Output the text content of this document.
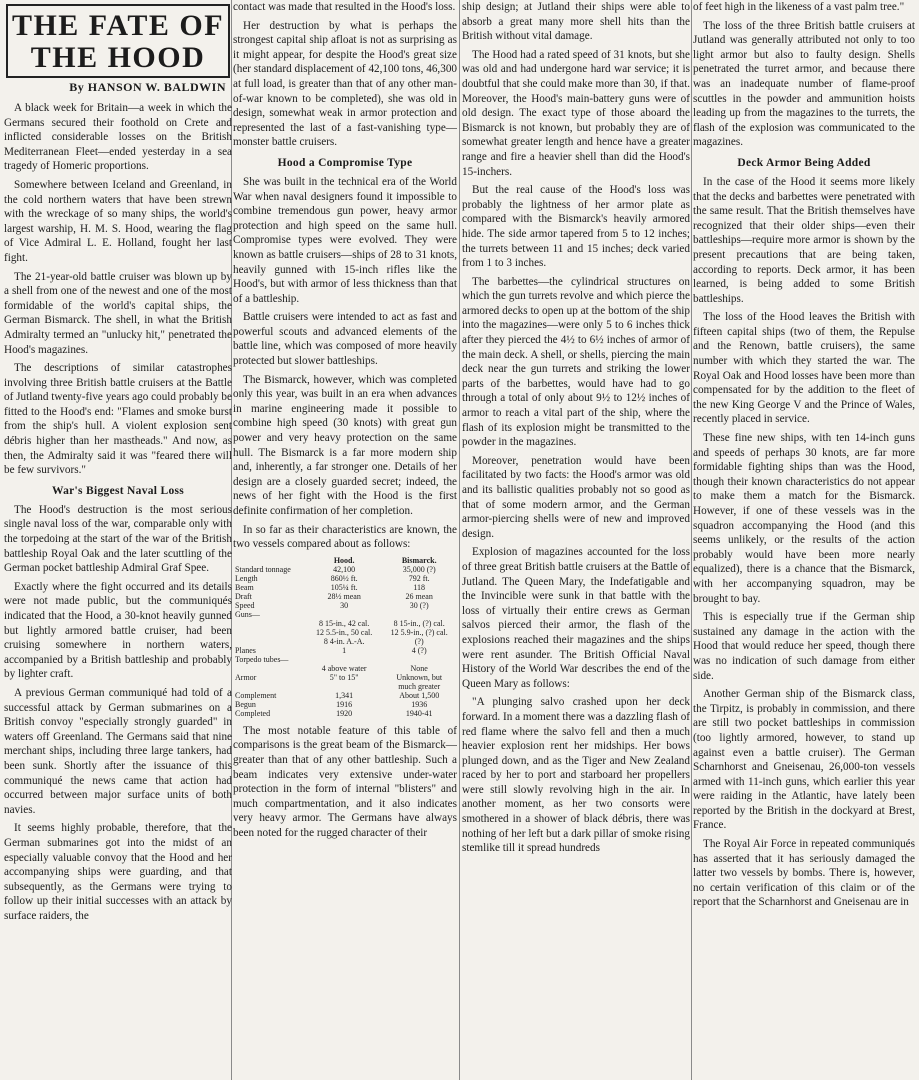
THE FATE OF THE HOOD
By HANSON W. BALDWIN

A black week for Britain—a week in which the Germans secured their foothold on Crete and inflicted considerable losses on the British Mediterranean Fleet—ended yesterday in a sea tragedy of Homeric proportions.

Somewhere between Iceland and Greenland, in the cold northern waters that have been strewn with the wreckage of so many ships, the world's largest warship, H. M. S. Hood, wearing the flag of Vice Admiral L. E. Holland, fought her last fight.

The 21-year-old battle cruiser was blown up by a shell from one of the newest and one of the most formidable of the world's capital ships, the German Bismarck. The shell, in what the British Admiralty termed an "unlucky hit," penetrated the Hood's magazines.

The descriptions of similar catastrophes involving three British battle cruisers at the Battle of Jutland twenty-five years ago could probably be fitted to the Hood's end: "Flames and smoke burst from the ship's hull. A violent explosion sent débris higher than her mastheads." And now, as then, the Admiralty said it was "feared there will be few survivors."

War's Biggest Naval Loss

The Hood's destruction is the most serious single naval loss of the war, comparable only with the torpedoing at the start of the war of the British battleship Royal Oak and the later scuttling of the German pocket battleship Admiral Graf Spee.

Exactly where the fight occurred and its details were not made public, but the communiqués indicated that the Hood, a 30-knot heavily gunned but lightly armored battle cruiser, had been cruising somewhere in northern waters, accompanied by a British battleship and probably by lighter craft.

A previous German communiqué had told of a successful attack by German submarines on a British convoy "especially strongly guarded" in waters off Greenland. The Germans said that nine merchant ships, including three large tankers, had been sunk. Shortly after the issuance of this communiqué the news came that action had occurred between major surface units of both navies.

It seems highly probable, therefore, that the German submarines got into the midst of an especially valuable convoy that the Hood and her accompanying ships were guarding, and that subsequently, as the Germans were trying to follow up their initial successes with an attack by surface raiders, the

contact was made that resulted in the Hood's loss.

Her destruction by what is perhaps the strongest capital ship afloat is not as surprising as it might appear, for despite the Hood's great size (her standard displacement of 42,100 tons, 46,300 at full load, is greater than that of any other man-of-war known to be completed), she was old in design, somewhat weak in armor protection and represented the last of a fast-vanishing type—monster battle cruisers.

Hood a Compromise Type

She was built in the technical era of the World War when naval designers found it impossible to combine tremendous gun power, heavy armor protection and high speed on the same hull. Compromise types were evolved. They were known as battle cruisers—ships of 28 to 31 knots, heavily gunned with 15-inch rifles like the Hood's, but with armor of less thickness than that of a battleship.

Battle cruisers were intended to act as fast and powerful scouts and advanced elements of the battle line, which was composed of more heavily protected but slower battleships.

The Bismarck, however, which was completed only this year, was built in an era when advances in marine engineering made it possible to combine high speed (30 knots) with great gun power and very heavy protection on the same hull. The Bismarck is a far more modern ship and, inherently, a far stronger one. Details of her design are a closely guarded secret; indeed, the news of her fight with the Hood is the first definite confirmation of her completion.

In so far as their characteristics are known, the two vessels compared about as follows:

	Hood.	Bismarck.
Standard tonnage	42,100	35,000 (?)
Length	860½ ft.	792 ft.
Beam	105¼ ft.	118
Draft	28½ mean	26 mean
Speed	30	30 (?)
Guns—		
	8 15-in., 42 cal.	8 15-in., (?) cal.
	12 5.5-in., 50 cal.	12 5.9-in., (?) cal.
	8 4-in. A.-A.	(?)
Planes	1	4 (?)
Torpedo tubes—		
	4 above water	None
Armor	5" to 15"	Unknown, but
		much greater
Complement	1,341	About 1,500
Begun	1916	1936
Completed	1920	1940-41

The most notable feature of this table of comparisons is the great beam of the Bismarck—greater than that of any other battleship. Such a beam indicates very extensive under-water protection in the form of internal "blisters" and much compartmentation, and it also indicates very heavy armor. The Germans have always been noted for the rugged character of their

ship design; at Jutland their ships were able to absorb a great many more shell hits than the British without vital damage.

The Hood had a rated speed of 31 knots, but she was old and had undergone hard war service; it is doubtful that she could make more than 30, if that. Moreover, the Hood's main-battery guns were of old design. The exact type of those aboard the Bismarck is not known, but probably they are of somewhat greater length and hence have a greater range and fire a heavier shell than did the Hood's 15-inchers.

But the real cause of the Hood's loss was probably the lightness of her armor plate as compared with the Bismarck's heavily armored hide. The side armor tapered from 5 to 12 inches; the turrets between 11 and 15 inches; deck varied from 1 to 3 inches.

The barbettes—the cylindrical structures on which the gun turrets revolve and which pierce the armored decks to open up at the bottom of the ship into the magazines—were only 5 to 6 inches thick after they pierced the 4½ to 6½ inches of armor of the main deck. A shell, or shells, piercing the main deck near the gun turrets and striking the lower parts of the barbettes, would have had to go through a total of only about 9½ to 12½ inches of armor to reach a vital part of the ship, where the flash of its explosion might be transmitted to the powder in the magazines.

Moreover, penetration would have been facilitated by two facts: the Hood's armor was old and its ballistic qualities probably not so good as that of some modern armor, and the German armor-piercing shells were of new and improved design.

Explosion of magazines accounted for the loss of three great British battle cruisers at the Battle of Jutland. The Queen Mary, the Indefatigable and the Invincible were sunk in that battle with the loss of virtually their entire crews as German salvos pierced their armor, the flash of the explosions reached their magazines and the ships were rent asunder. The British Official Naval History of the World War describes the end of the Queen Mary as follows:

"A plunging salvo crashed upon her deck forward. In a moment there was a dazzling flash of red flame where the salvo fell and then a much heavier explosion rent her midships. Her bows plunged down, and as the Tiger and New Zealand raced by her to port and starboard her propellers were still slowly revolving high in the air. In another moment, as her two consorts were smothered in a shower of black débris, there was nothing of her left but a dark pillar of smoke rising stemlike till it spread hundreds

of feet high in the likeness of a vast palm tree."

The loss of the three British battle cruisers at Jutland was generally attributed not only to too light armor but also to faulty design. Shells penetrated the turret armor, and because there was an inadequate number of flame-proof scuttles in the powder and ammunition hoists leading up from the magazines to the turrets, the flash of the explosion was communicated to the magazines.

Deck Armor Being Added

In the case of the Hood it seems more likely that the decks and barbettes were penetrated with the same result. That the British themselves have recognized that their older ships—even their battleships—require more armor is shown by the present precautions that are being taken, according to reports. Deck armor, it has been learned, is being added to some British battleships.

The loss of the Hood leaves the British with fifteen capital ships (two of them, the Repulse and the Renown, battle cruisers), the same number with which they started the war. The Royal Oak and Hood losses have been more than compensated for by the addition to the fleet of the new King George V and the Prince of Wales, recently placed in service.

These fine new ships, with ten 14-inch guns and speeds of perhaps 30 knots, are far more formidable fighting ships than was the Hood, though their known characteristics do not appear to make them a match for the Bismarck. However, if one of these vessels was in the squadron accompanying the Hood (and this seems unlikely, or the results of the action probably would have been more nearly equalized), there is a chance that the Bismarck, with her accompanying squadron, may be brought to bay.

This is especially true if the German ship sustained any damage in the action with the Hood that would reduce her speed, though there was no indication of such damage from either side.

Another German ship of the Bismarck class, the Tirpitz, is probably in commission, and there are still two pocket battleships in commission (too lightly armored, however, to stand up against even a battle cruiser). The German Scharnhorst and Gneisenau, 26,000-ton vessels armed with 11-inch guns, which earlier this year were raiding in the Atlantic, have lately been reported by the British in the dockyard at Brest, France.

The Royal Air Force in repeated communiqués has asserted that it has seriously damaged the latter two vessels by bombs. There is, however, no certain verification of this claim or of the report that the Scharnhorst and Gneisenau are in
